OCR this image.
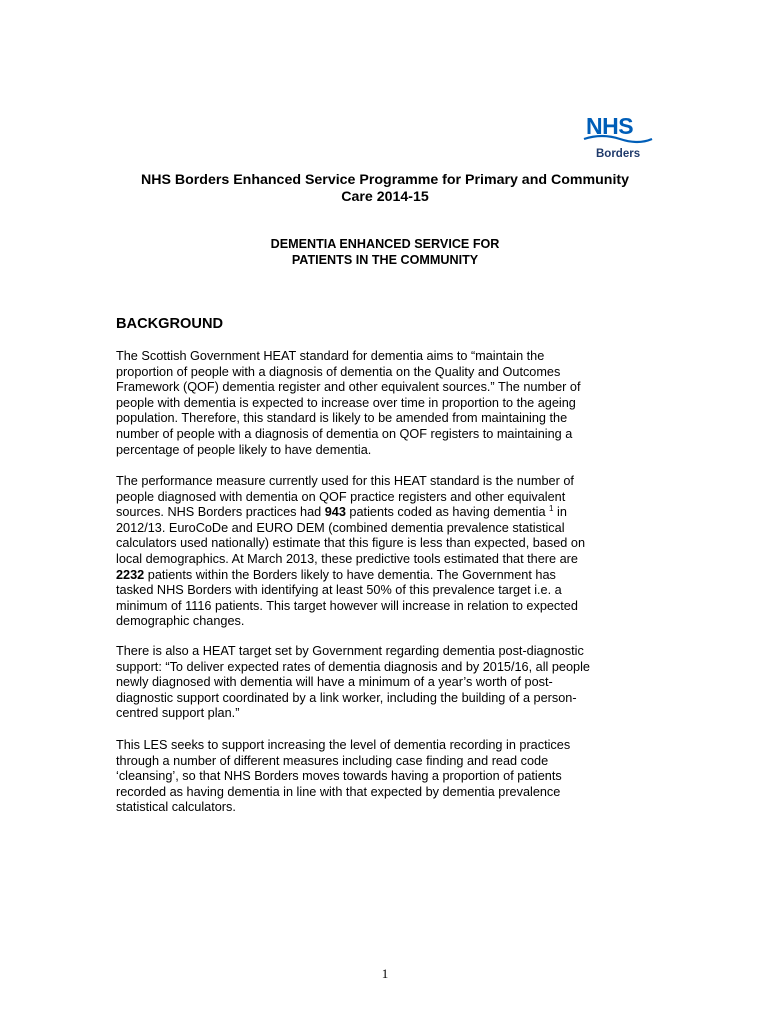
NHS
Borders
NHS Borders Enhanced Service Programme for Primary and Community
Care 2014-15
DEMENTIA ENHANCED SERVICE FOR
PATIENTS IN THE COMMUNITY
BACKGROUND
The Scottish Government HEAT standard for dementia aims to “maintain the
proportion of people with a diagnosis of dementia on the Quality and Outcomes
Framework (QOF) dementia register and other equivalent sources.” The number of
people with dementia is expected to increase over time in proportion to the ageing
population. Therefore, this standard is likely to be amended from maintaining the
number of people with a diagnosis of dementia on QOF registers to maintaining a
percentage of people likely to have dementia.
The performance measure currently used for this HEAT standard is the number of
people diagnosed with dementia on QOF practice registers and other equivalent
sources. NHS Borders practices had 943 patients coded as having dementia $^1$ in
2012/13. EuroCoDe and EURO DEM (combined dementia prevalence statistical
calculators used nationally) estimate that this figure is less than expected, based on
local demographics. At March 2013, these predictive tools estimated that there are
2232 patients within the Borders likely to have dementia. The Government has
tasked NHS Borders with identifying at least 50% of this prevalence target i.e. a
minimum of 1116 patients. This target however will increase in relation to expected
demographic changes.
There is also a HEAT target set by Government regarding dementia post-diagnostic
support: “To deliver expected rates of dementia diagnosis and by 2015/16, all people
newly diagnosed with dementia will have a minimum of a year’s worth of post-
diagnostic support coordinated by a link worker, including the building of a person-
centred support plan.”
This LES seeks to support increasing the level of dementia recording in practices
through a number of different measures including case finding and read code
‘cleansing’, so that NHS Borders moves towards having a proportion of patients
recorded as having dementia in line with that expected by dementia prevalence
statistical calculators.
1
